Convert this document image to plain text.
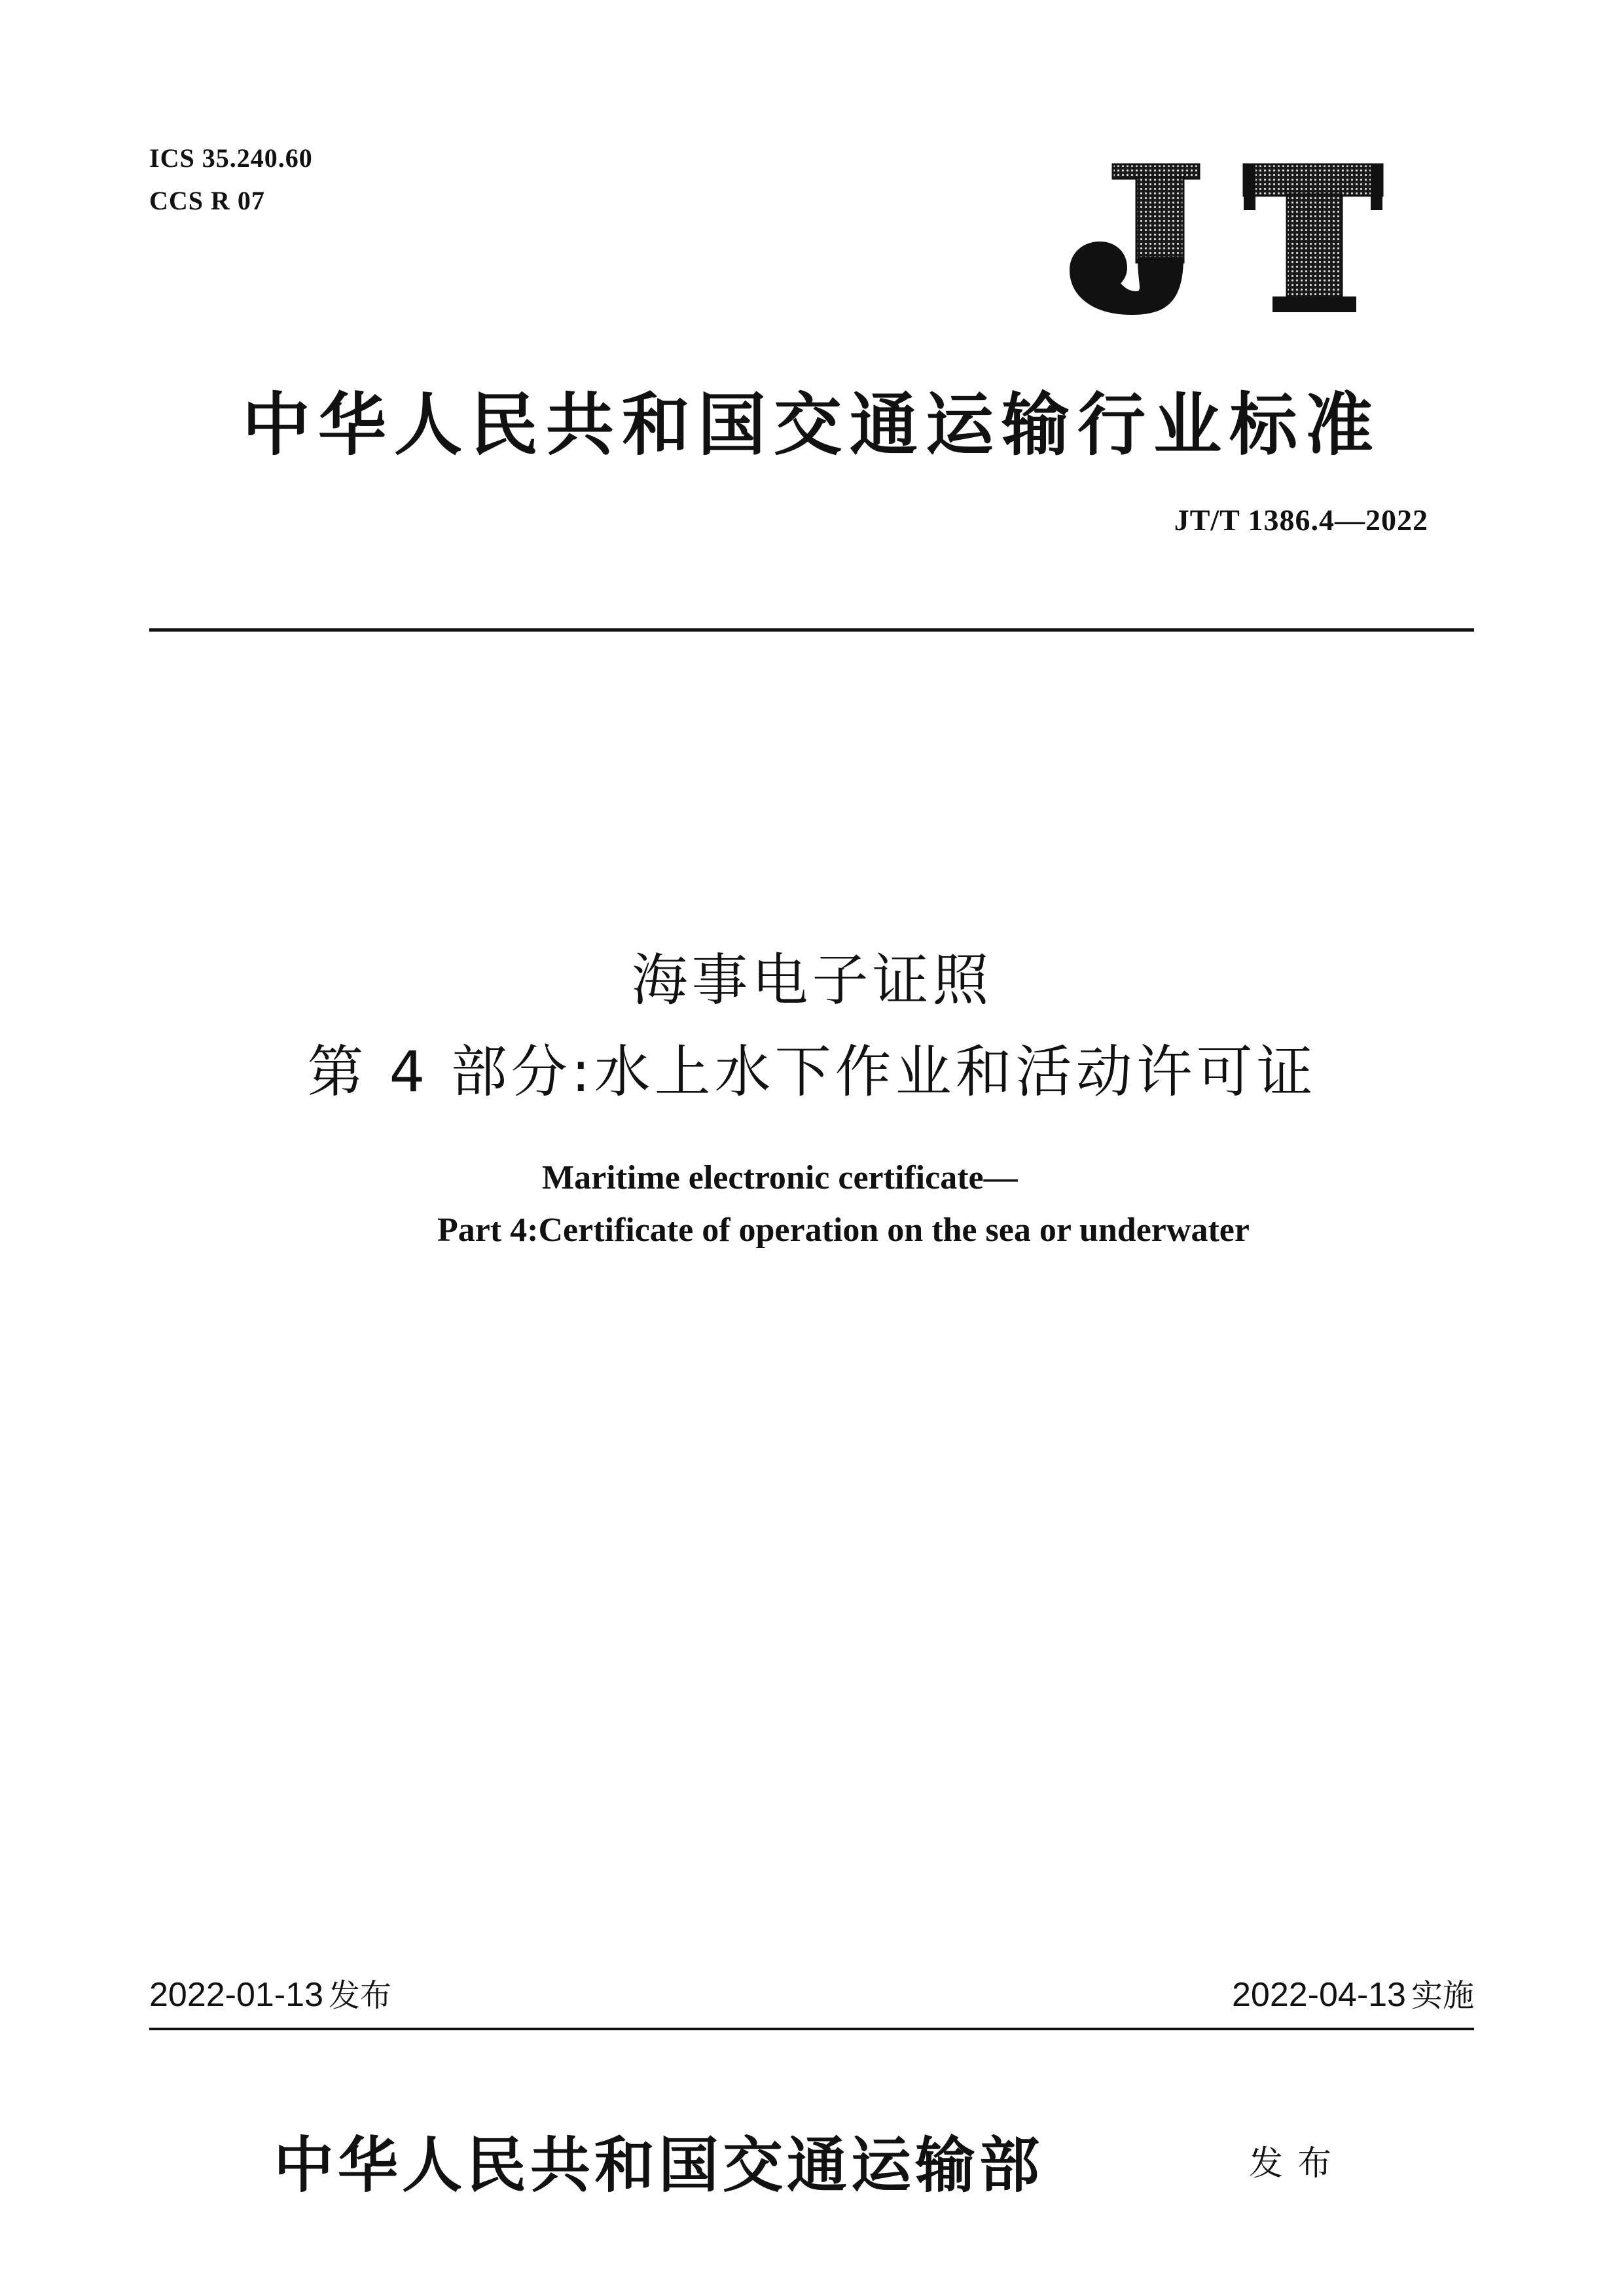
ICS 35.240.60
CCS R 07
中华人民共和国交通运输行业标准
JT/T 1386.4—2022
海事电子证照
第 4 部分:水上水下作业和活动许可证
Maritime electronic certificate—
Part 4:Certificate of operation on the sea or underwater
2022-01-13 发布	2022-04-13 实施
中华人民共和国交通运输部	发布
